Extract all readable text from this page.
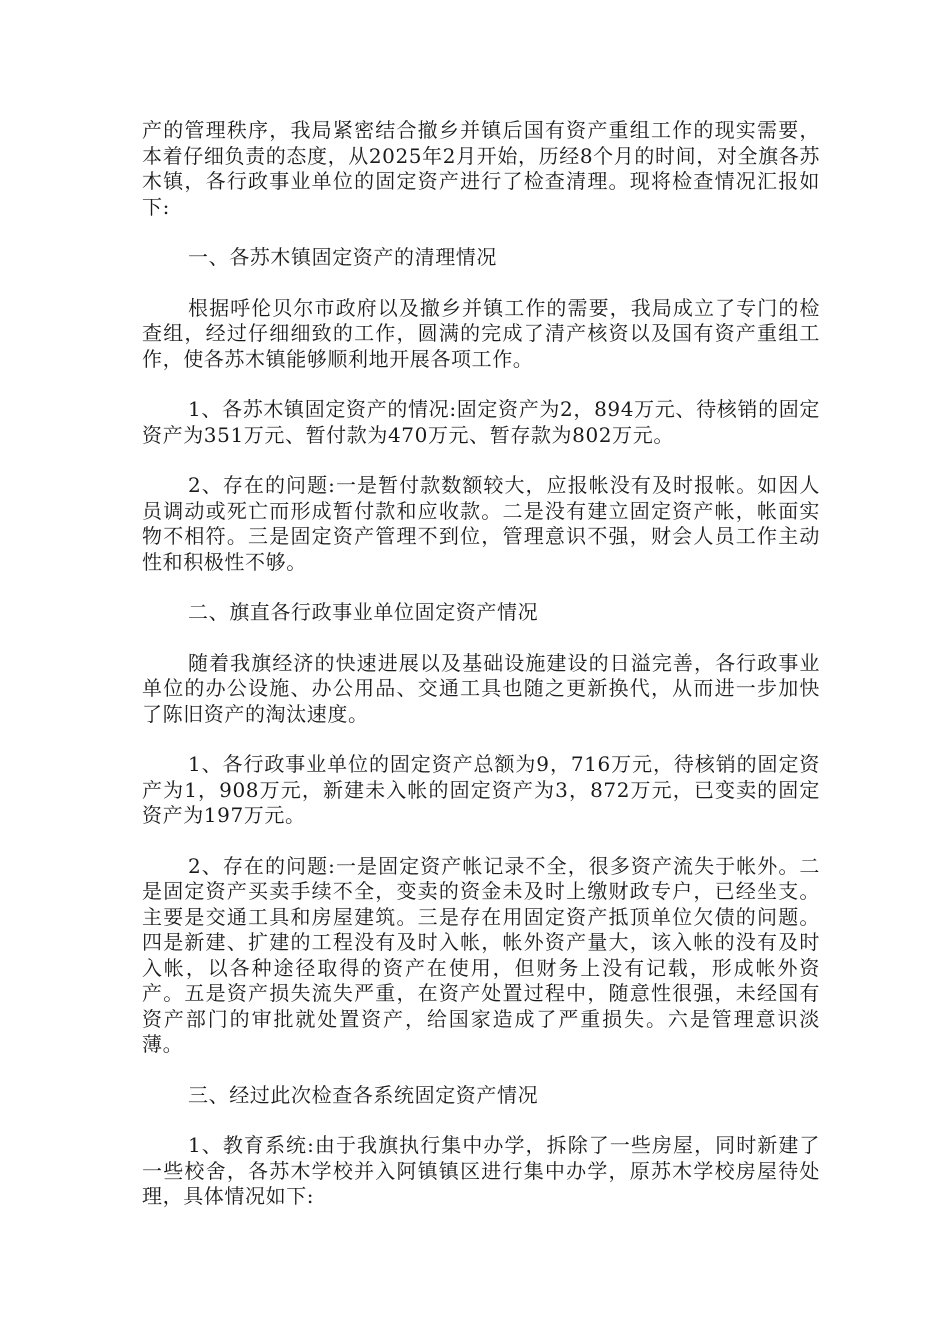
产的管理秩序，我局紧密结合撤乡并镇后国有资产重组工作的现实需要，本着仔细负责的态度，从2025年2月开始，历经8个月的时间，对全旗各苏木镇，各行政事业单位的固定资产进行了检查清理。现将检查情况汇报如下:

一、各苏木镇固定资产的清理情况

根据呼伦贝尔市政府以及撤乡并镇工作的需要，我局成立了专门的检查组，经过仔细细致的工作，圆满的完成了清产核资以及国有资产重组工作，使各苏木镇能够顺利地开展各项工作。

1、各苏木镇固定资产的情况:固定资产为2，894万元、待核销的固定资产为351万元、暂付款为470万元、暂存款为802万元。

2、存在的问题:一是暂付款数额较大，应报帐没有及时报帐。如因人员调动或死亡而形成暂付款和应收款。二是没有建立固定资产帐，帐面实物不相符。三是固定资产管理不到位，管理意识不强，财会人员工作主动性和积极性不够。

二、旗直各行政事业单位固定资产情况

随着我旗经济的快速进展以及基础设施建设的日溢完善，各行政事业单位的办公设施、办公用品、交通工具也随之更新换代，从而进一步加快了陈旧资产的淘汰速度。

1、各行政事业单位的固定资产总额为9，716万元，待核销的固定资产为1，908万元，新建未入帐的固定资产为3，872万元，已变卖的固定资产为197万元。

2、存在的问题:一是固定资产帐记录不全，很多资产流失于帐外。二是固定资产买卖手续不全，变卖的资金未及时上缴财政专户，已经坐支。主要是交通工具和房屋建筑。三是存在用固定资产抵顶单位欠债的问题。四是新建、扩建的工程没有及时入帐，帐外资产量大，该入帐的没有及时入帐，以各种途径取得的资产在使用，但财务上没有记载，形成帐外资产。五是资产损失流失严重，在资产处置过程中，随意性很强，未经国有资产部门的审批就处置资产，给国家造成了严重损失。六是管理意识淡薄。

三、经过此次检查各系统固定资产情况

1、教育系统:由于我旗执行集中办学，拆除了一些房屋，同时新建了一些校舍，各苏木学校并入阿镇镇区进行集中办学，原苏木学校房屋待处理，具体情况如下:
